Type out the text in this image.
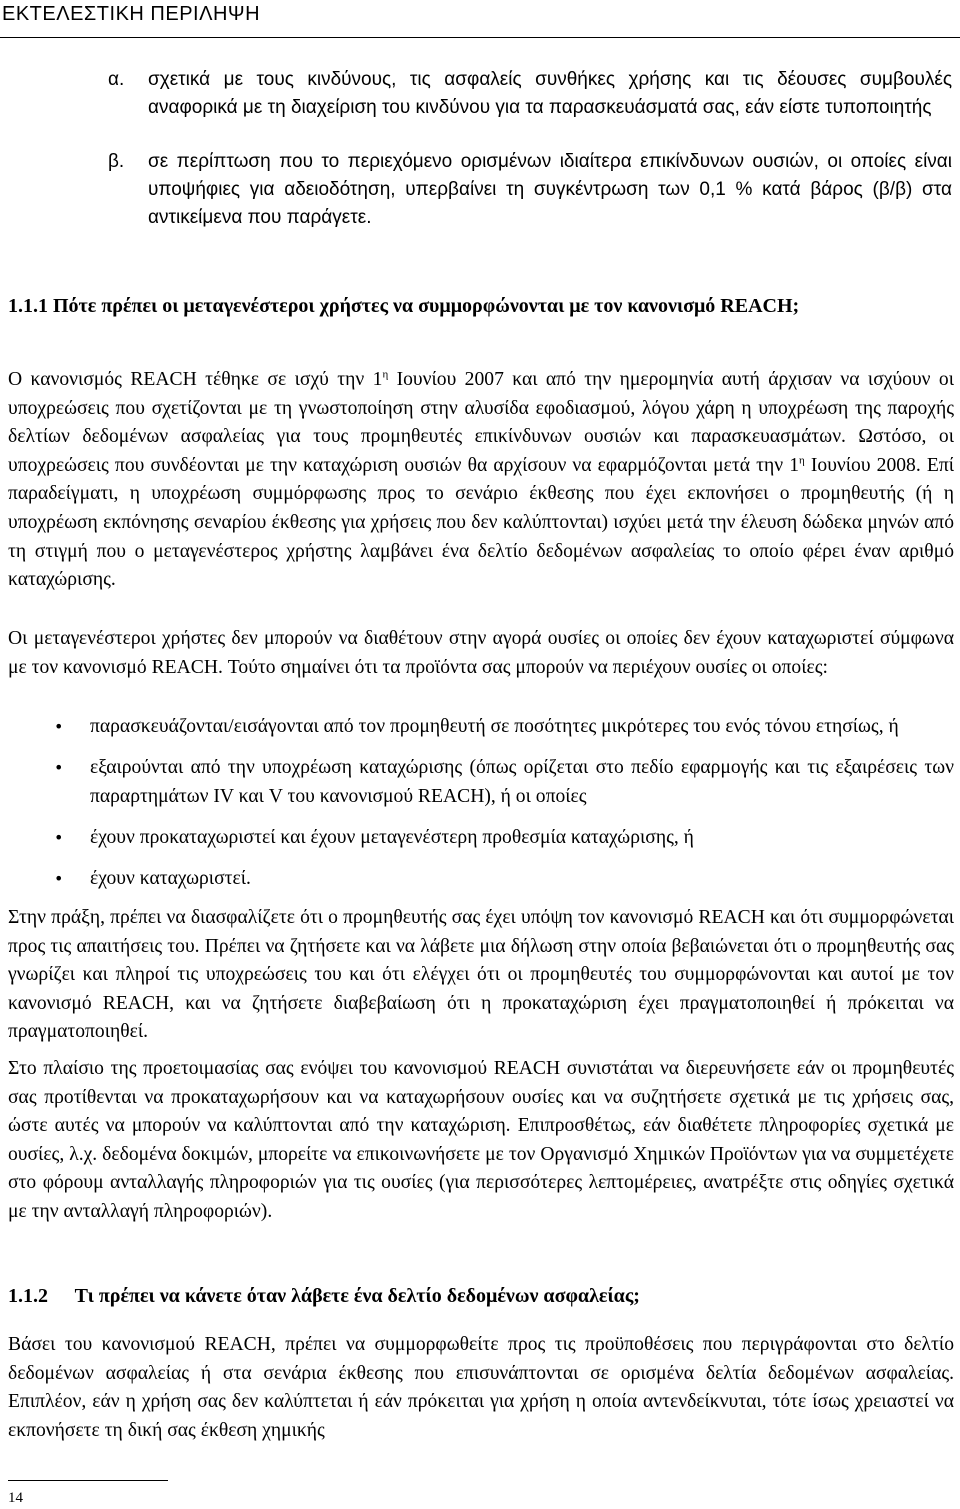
ΕΚΤΕΛΕΣΤΙΚΗ ΠΕΡΙΛΗΨΗ
α. σχετικά με τους κινδύνους, τις ασφαλείς συνθήκες χρήσης και τις δέουσες συμβουλές αναφορικά με τη διαχείριση του κινδύνου για τα παρασκευάσματά σας, εάν είστε τυποποιητής
β. σε περίπτωση που το περιεχόμενο ορισμένων ιδιαίτερα επικίνδυνων ουσιών, οι οποίες είναι υποψήφιες για αδειοδότηση, υπερβαίνει τη συγκέντρωση των 0,1 % κατά βάρος (β/β) στα αντικείμενα που παράγετε.
1.1.1 Πότε πρέπει οι μεταγενέστεροι χρήστες να συμμορφώνονται με τον κανονισμό REACH;
Ο κανονισμός REACH τέθηκε σε ισχύ την $1^\eta$ Ιουνίου 2007 και από την ημερομηνία αυτή άρχισαν να ισχύουν οι υποχρεώσεις που σχετίζονται με τη γνωστοποίηση στην αλυσίδα εφοδιασμού, λόγου χάρη η υποχρέωση της παροχής δελτίων δεδομένων ασφαλείας για τους προμηθευτές επικίνδυνων ουσιών και παρασκευασμάτων. Ωστόσο, οι υποχρεώσεις που συνδέονται με την καταχώριση ουσιών θα αρχίσουν να εφαρμόζονται μετά την $1^\eta$ Ιουνίου 2008. Επί παραδείγματι, η υποχρέωση συμμόρφωσης προς το σενάριο έκθεσης που έχει εκπονήσει ο προμηθευτής (ή η υποχρέωση εκπόνησης σεναρίου έκθεσης για χρήσεις που δεν καλύπτονται) ισχύει μετά την έλευση δώδεκα μηνών από τη στιγμή που ο μεταγενέστερος χρήστης λαμβάνει ένα δελτίο δεδομένων ασφαλείας το οποίο φέρει έναν αριθμό καταχώρισης.
Οι μεταγενέστεροι χρήστες δεν μπορούν να διαθέτουν στην αγορά ουσίες οι οποίες δεν έχουν καταχωριστεί σύμφωνα με τον κανονισμό REACH. Τούτο σημαίνει ότι τα προϊόντα σας μπορούν να περιέχουν ουσίες οι οποίες:
• παρασκευάζονται/εισάγονται από τον προμηθευτή σε ποσότητες μικρότερες του ενός τόνου ετησίως, ή
• εξαιρούνται από την υποχρέωση καταχώρισης (όπως ορίζεται στο πεδίο εφαρμογής και τις εξαιρέσεις των παραρτημάτων IV και V του κανονισμού REACH), ή οι οποίες
• έχουν προκαταχωριστεί και έχουν μεταγενέστερη προθεσμία καταχώρισης, ή
• έχουν καταχωριστεί.
Στην πράξη, πρέπει να διασφαλίζετε ότι ο προμηθευτής σας έχει υπόψη τον κανονισμό REACH και ότι συμμορφώνεται προς τις απαιτήσεις του. Πρέπει να ζητήσετε και να λάβετε μια δήλωση στην οποία βεβαιώνεται ότι ο προμηθευτής σας γνωρίζει και πληροί τις υποχρεώσεις του και ότι ελέγχει ότι οι προμηθευτές του συμμορφώνονται και αυτοί με τον κανονισμό REACH, και να ζητήσετε διαβεβαίωση ότι η προκαταχώριση έχει πραγματοποιηθεί ή πρόκειται να πραγματοποιηθεί.
Στο πλαίσιο της προετοιμασίας σας ενόψει του κανονισμού REACH συνιστάται να διερευνήσετε εάν οι προμηθευτές σας προτίθενται να προκαταχωρήσουν και να καταχωρήσουν ουσίες και να συζητήσετε σχετικά με τις χρήσεις σας, ώστε αυτές να μπορούν να καλύπτονται από την καταχώριση. Επιπροσθέτως, εάν διαθέτετε πληροφορίες σχετικά με ουσίες, λ.χ. δεδομένα δοκιμών, μπορείτε να επικοινωνήσετε με τον Οργανισμό Χημικών Προϊόντων για να συμμετέχετε στο φόρουμ ανταλλαγής πληροφοριών για τις ουσίες (για περισσότερες λεπτομέρειες, ανατρέξτε στις οδηγίες σχετικά με την ανταλλαγή πληροφοριών).
1.1.2 Τι πρέπει να κάνετε όταν λάβετε ένα δελτίο δεδομένων ασφαλείας;
Βάσει του κανονισμού REACH, πρέπει να συμμορφωθείτε προς τις προϋποθέσεις που περιγράφονται στο δελτίο δεδομένων ασφαλείας ή στα σενάρια έκθεσης που επισυνάπτονται σε ορισμένα δελτία δεδομένων ασφαλείας. Επιπλέον, εάν η χρήση σας δεν καλύπτεται ή εάν πρόκειται για χρήση η οποία αντενδείκνυται, τότε ίσως χρειαστεί να εκπονήσετε τη δική σας έκθεση χημικής
14
